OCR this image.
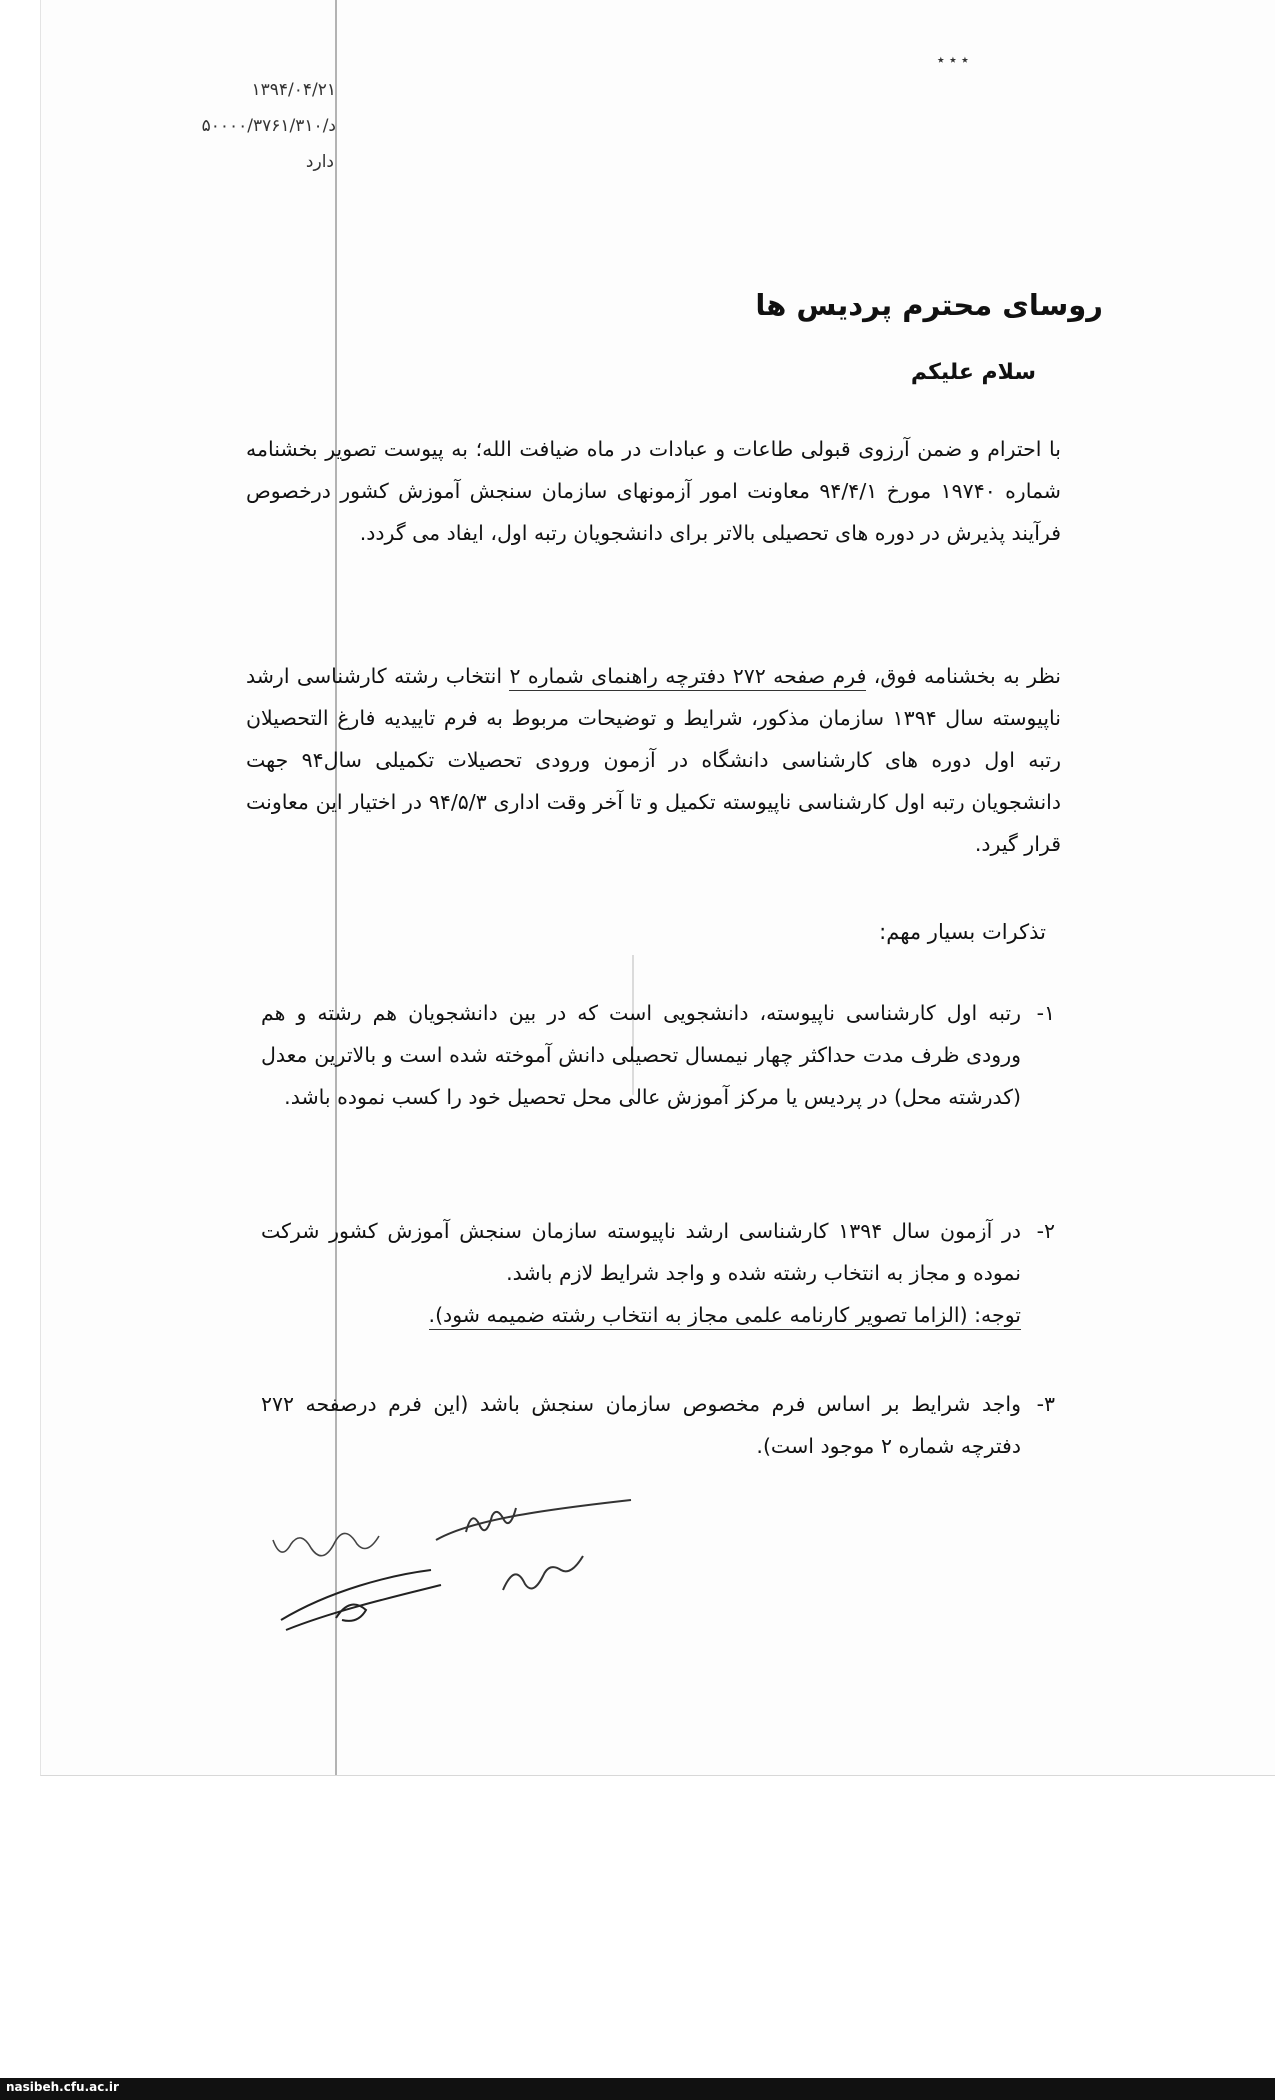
٭ ٭ ٭
۱۳۹۴/۰۴/۲۱
د/۵۰۰۰۰/۳۷۶۱/۳۱۰
دارد
روسای محترم پردیس ها
سلام علیکم
با احترام و ضمن آرزوی قبولی طاعات و عبادات در ماه ضیافت الله؛ به پیوست تصویر بخشنامه شماره ۱۹۷۴۰ مورخ ۹۴/۴/۱ معاونت امور آزمونهای سازمان سنجش آموزش کشور درخصوص فرآیند پذیرش در دوره های تحصیلی بالاتر برای دانشجویان رتبه اول، ایفاد می گردد.
نظر به بخشنامه فوق، فرم صفحه ۲۷۲ دفترچه راهنمای شماره ۲ انتخاب رشته کارشناسی ارشد ناپیوسته سال ۱۳۹۴ سازمان مذکور، شرایط و توضیحات مربوط به فرم تاییدیه فارغ التحصیلان رتبه اول دوره های کارشناسی دانشگاه در آزمون ورودی تحصیلات تکمیلی سال۹۴ جهت دانشجویان رتبه اول کارشناسی ناپیوسته تکمیل و تا آخر وقت اداری ۹۴/۵/۳ در اختیار این معاونت قرار گیرد.
تذکرات بسیار مهم:
۱-
رتبه اول کارشناسی ناپیوسته، دانشجویی است که در بین دانشجویان هم رشته و هم ورودی ظرف مدت حداکثر چهار نیمسال تحصیلی دانش آموخته شده است و بالاترین معدل (کدرشته محل) در پردیس یا مرکز آموزش عالی محل تحصیل خود را کسب نموده باشد.
۲-
در آزمون سال ۱۳۹۴ کارشناسی ارشد ناپیوسته سازمان سنجش آموزش کشور شرکت نموده و مجاز به انتخاب رشته شده و واجد شرایط لازم باشد.
توجه: (الزاما تصویر کارنامه علمی مجاز به انتخاب رشته ضمیمه شود).
۳-
واجد شرایط بر اساس فرم مخصوص سازمان سنجش باشد (این فرم درصفحه ۲۷۲ دفترچه شماره ۲ موجود است).
nasibeh.cfu.ac.ir
